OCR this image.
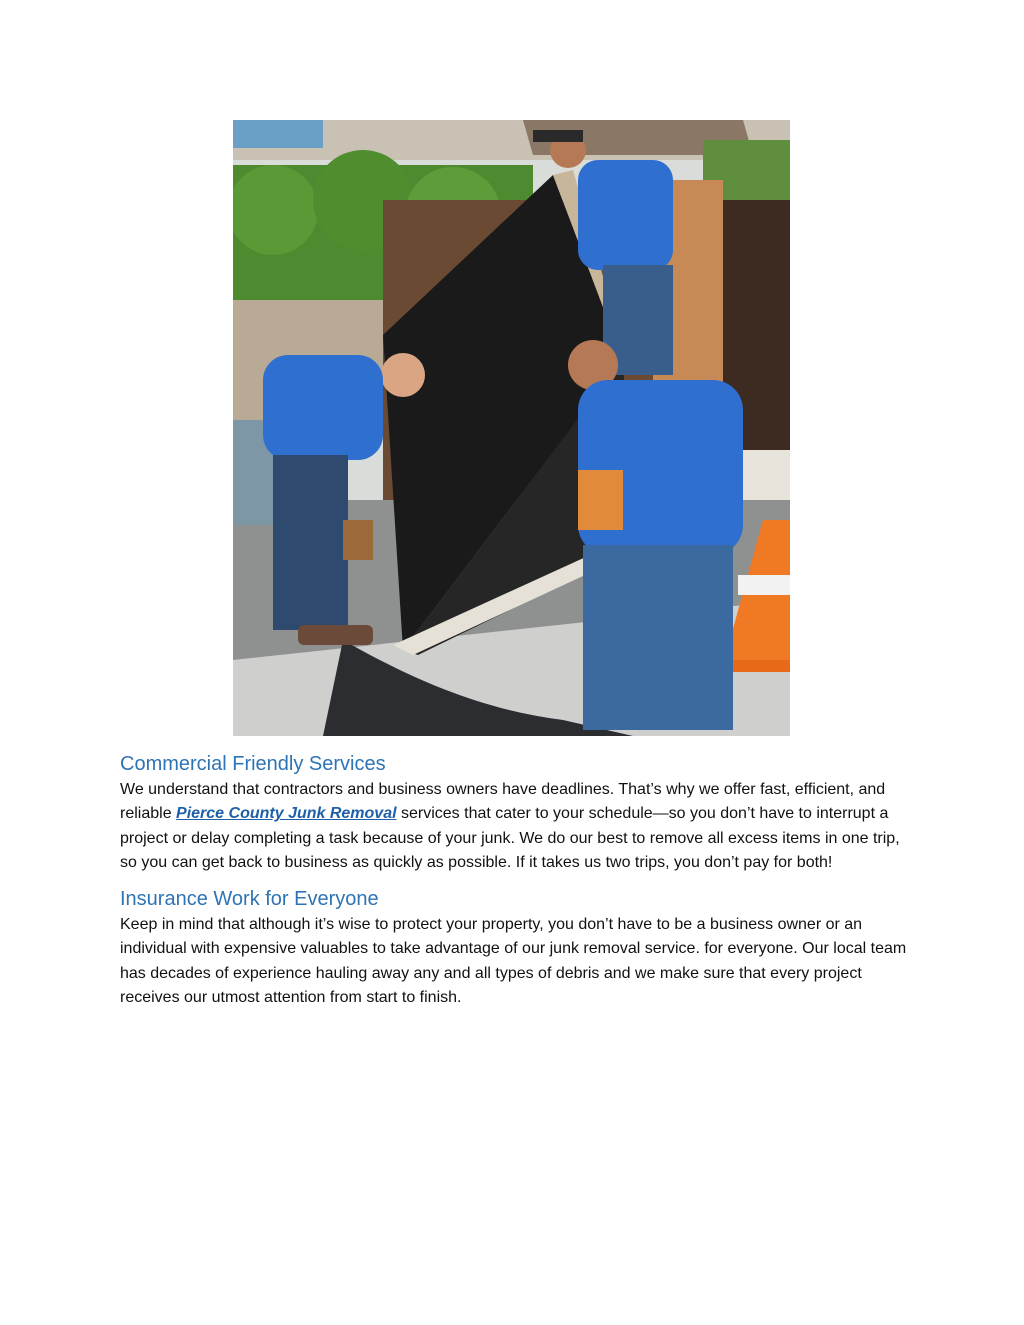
Commercial Friendly Services

We understand that contractors and business owners have deadlines. That’s why we offer fast, efficient, and reliable Pierce County Junk Removal services that cater to your schedule—so you don’t have to interrupt a project or delay completing a task because of your junk. We do our best to remove all excess items in one trip, so you can get back to business as quickly as possible. If it takes us two trips, you don’t pay for both!

Insurance Work for Everyone

Keep in mind that although it’s wise to protect your property, you don’t have to be a business owner or an individual with expensive valuables to take advantage of our junk removal service. for everyone. Our local team has decades of experience hauling away any and all types of debris and we make sure that every project receives our utmost attention from start to finish.
